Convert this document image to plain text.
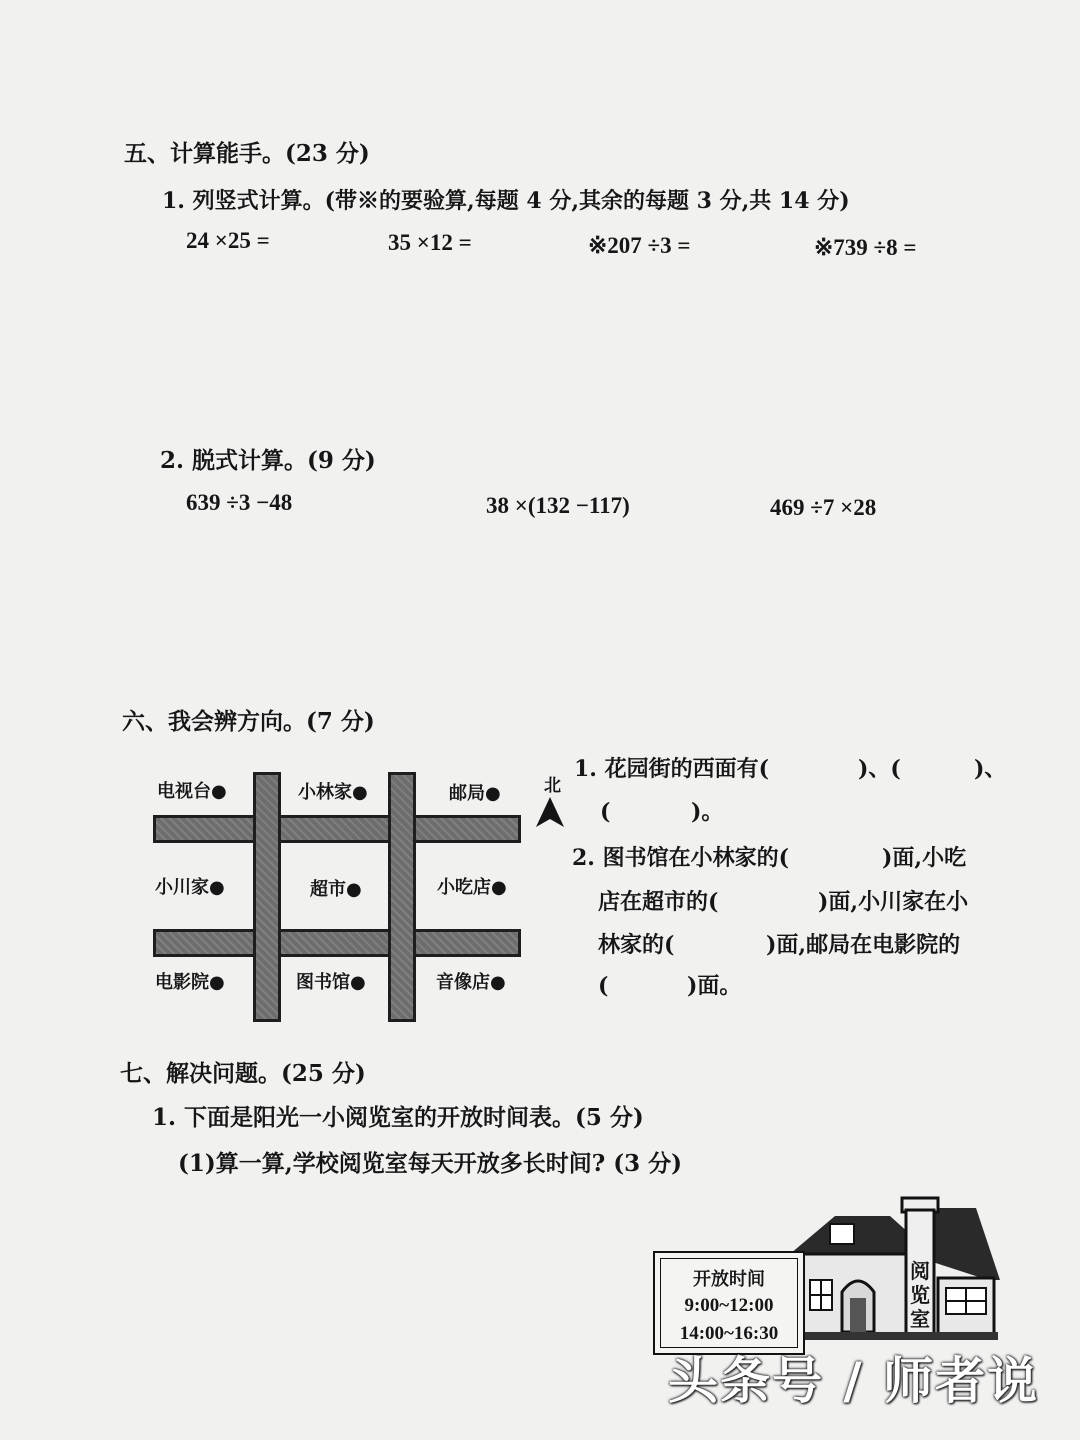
五、计算能手。(23 分)
1. 列竖式计算。(带※的要验算,每题 4 分,其余的每题 3 分,共 14 分)
24 ×25 =	35 ×12 =	※207 ÷3 =	※739 ÷8 =
2. 脱式计算。(9 分)
639 ÷3 −48	38 ×(132 −117)	469 ÷7 ×28
六、我会辨方向。(7 分)
电视台●	小林家●	邮局●
小川家●	超市●	小吃店●
电影院●	图书馆●	音像店●
北
1. 花园街的西面有(	)、(	)、
(	)。
2. 图书馆在小林家的(	)面,小吃
店在超市的(	)面,小川家在小
林家的(	)面,邮局在电影院的
(	)面。
七、解决问题。(25 分)
1. 下面是阳光一小阅览室的开放时间表。(5 分)
(1)算一算,学校阅览室每天开放多长时间? (3 分)
阅
览
室
开放时间
9:00~12:00
14:00~16:30
头条号 / 师者说
